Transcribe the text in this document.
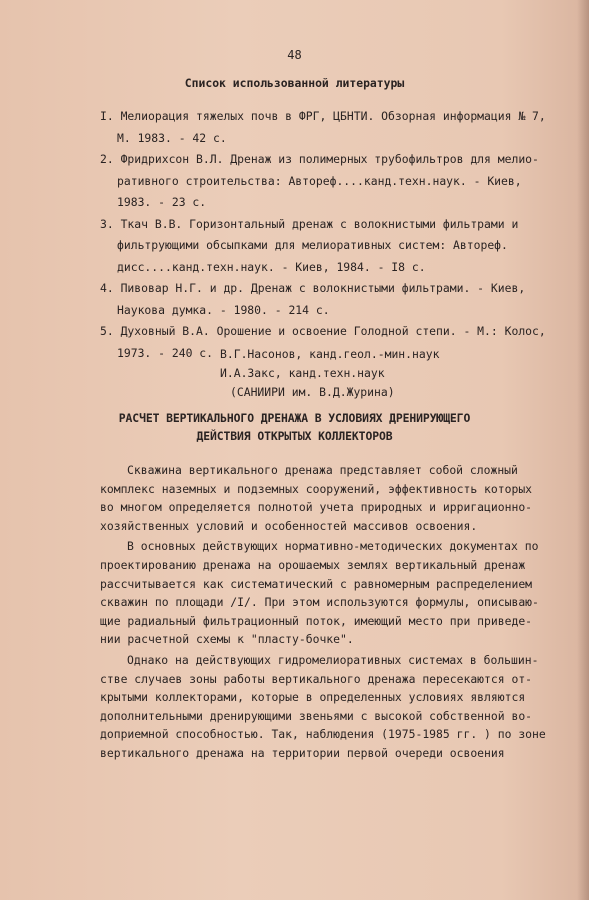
48
Список использованной литературы
I. Мелиорация тяжелых почв в ФРГ, ЦБНТИ. Обзорная информация № 7,
М. 1983. - 42 с.
2. Фридрихсон В.Л. Дренаж из полимерных трубофильтров для мелио-
ративного строительства: Автореф....канд.техн.наук. - Киев,
1983. - 23 с.
3. Ткач В.В. Горизонтальный дренаж с волокнистыми фильтрами и
фильтрующими обсыпками для мелиоративных систем: Автореф.
дисс....канд.техн.наук. - Киев, 1984. - I8 с.
4. Пивовар Н.Г. и др. Дренаж с волокнистыми фильтрами. - Киев,
Наукова думка. - 1980. - 214 с.
5. Духовный В.А. Орошение и освоение Голодной степи. - М.: Колос,
1973. - 240 с. В.Г.Насонов, канд.геол.-мин.наук
И.А.Закс, канд.техн.наук
(САНИИРИ им. В.Д.Журина)
РАСЧЕТ ВЕРТИКАЛЬНОГО ДРЕНАЖА В УСЛОВИЯХ ДРЕНИРУЮЩЕГО
ДЕЙСТВИЯ ОТКРЫТЫХ КОЛЛЕКТОРОВ
Скважина вертикального дренажа представляет собой сложный
комплекс наземных и подземных сооружений, эффективность которых
во многом определяется полнотой учета природных и ирригационно-
хозяйственных условий и особенностей массивов освоения.
В основных действующих нормативно-методических документах по
проектированию дренажа на орошаемых землях вертикальный дренаж
рассчитывается как систематический с равномерным распределением
скважин по площади /I/. При этом используются формулы, описываю-
щие радиальный фильтрационный поток, имеющий место при приведе-
нии расчетной схемы к "пласту-бочке".
Однако на действующих гидромелиоративных системах в большин-
стве случаев зоны работы вертикального дренажа пересекаются от-
крытыми коллекторами, которые в определенных условиях являются
дополнительными дренирующими звеньями с высокой собственной во-
доприемной способностью. Так, наблюдения (1975-1985 гг. ) по зоне
вертикального дренажа на территории первой очереди освоения
